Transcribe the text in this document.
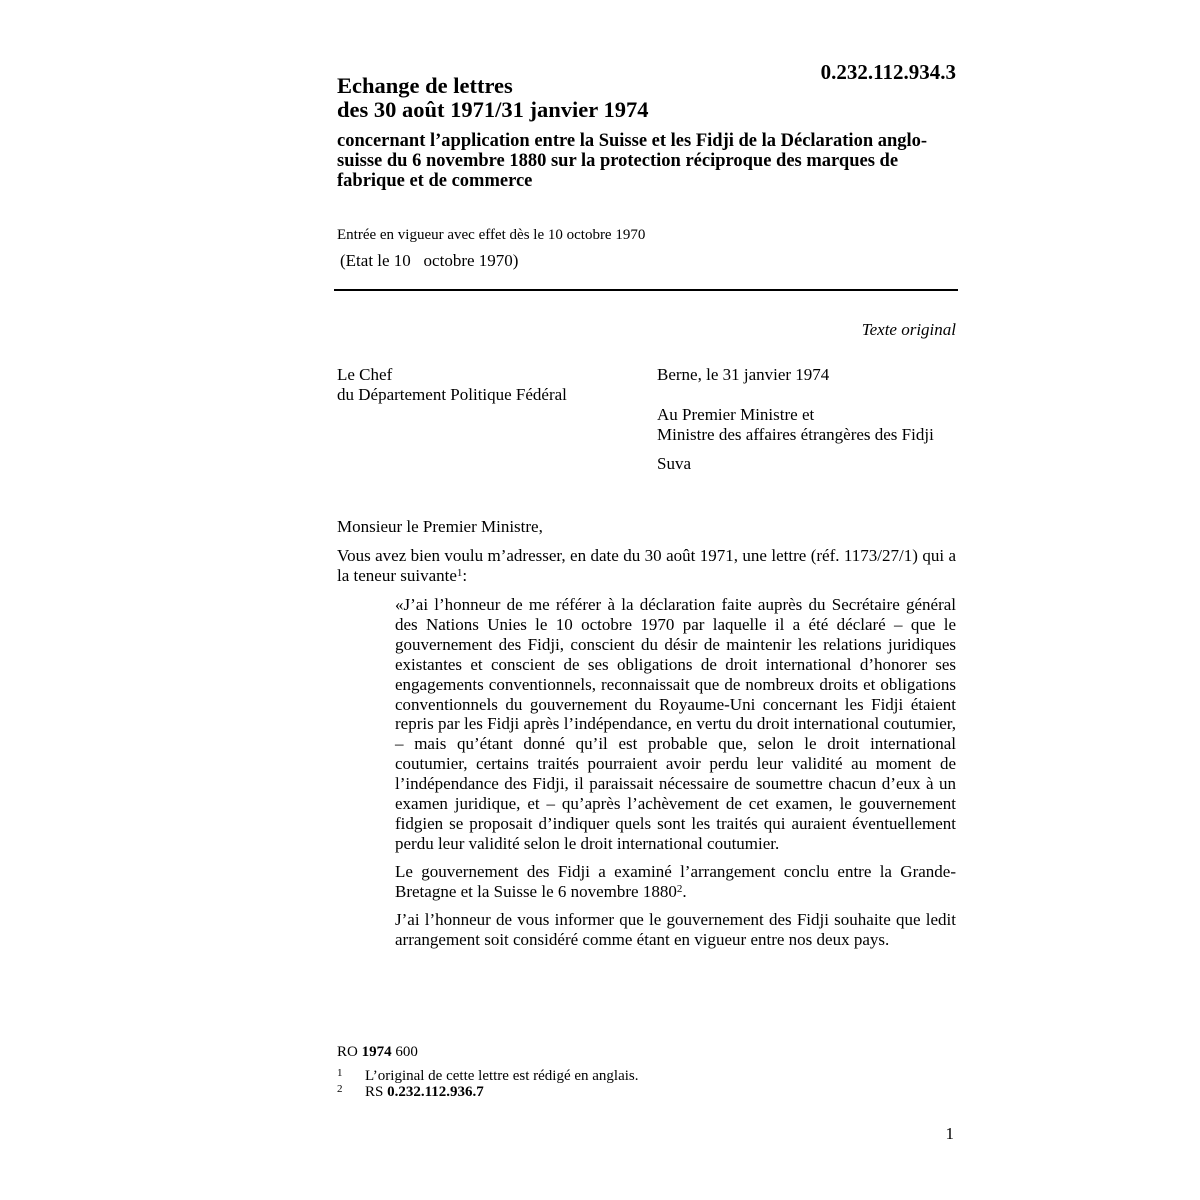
0.232.112.934.3
Echange de lettres
des 30 août 1971/31 janvier 1974
concernant l’application entre la Suisse et les Fidji de la Déclaration anglo-suisse du 6 novembre 1880 sur la protection réciproque des marques de fabrique et de commerce
Entrée en vigueur avec effet dès le 10 octobre 1970
(Etat le 10   octobre 1970)
Texte original
Le Chef
du Département Politique Fédéral
Berne, le 31 janvier 1974
Au Premier Ministre et
Ministre des affaires étrangères des Fidji
Suva
Monsieur le Premier Ministre,
Vous avez bien voulu m’adresser, en date du 30 août 1971, une lettre (réf. 1173/27/1) qui a la teneur suivante$^1$:

«J’ai l’honneur de me référer à la déclaration faite auprès du Secrétaire général des Nations Unies le 10 octobre 1970 par laquelle il a été déclaré – que le gouvernement des Fidji, conscient du désir de maintenir les relations juridiques existantes et conscient de ses obligations de droit international d’honorer ses engagements conventionnels, reconnaissait que de nombreux droits et obligations conventionnels du gouvernement du Royaume-Uni concernant les Fidji étaient repris par les Fidji après l’indépendance, en vertu du droit international coutumier, – mais qu’étant donné qu’il est probable que, selon le droit international coutumier, certains traités pourraient avoir perdu leur validité au moment de l’indépendance des Fidji, il paraissait nécessaire de soumettre chacun d’eux à un examen juridique, et – qu’après l’achèvement de cet examen, le gouvernement fidgien se proposait d’indiquer quels sont les traités qui auraient éventuellement perdu leur validité selon le droit international coutumier.

Le gouvernement des Fidji a examiné l’arrangement conclu entre la Grande-Bretagne et la Suisse le 6 novembre 1880$^2$.

J’ai l’honneur de vous informer que le gouvernement des Fidji souhaite que ledit arrangement soit considéré comme étant en vigueur entre nos deux pays.

RO 1974 600
1 L’original de cette lettre est rédigé en anglais.
2 RS 0.232.112.936.7
1
